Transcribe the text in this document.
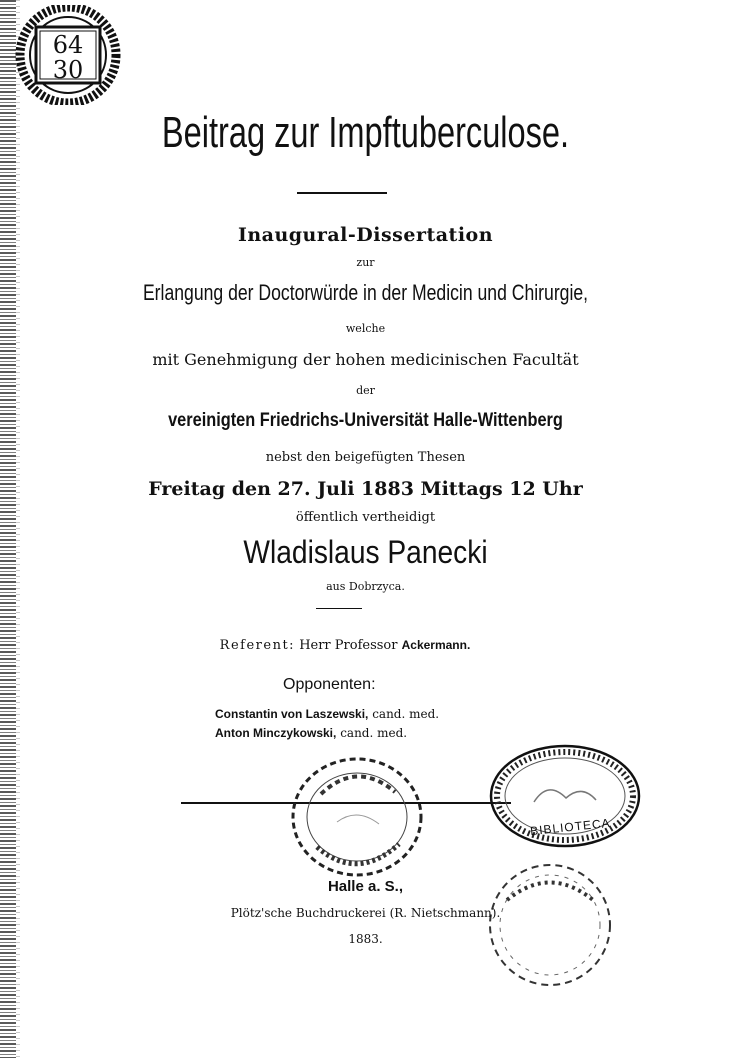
64
30
Beitrag zur Impftuberculose.
Inaugural-Dissertation
zur
Erlangung der Doctorwürde in der Medicin und Chirurgie,
welche
mit Genehmigung der hohen medicinischen Facultät
der
vereinigten Friedrichs-Universität Halle-Wittenberg
nebst den beigefügten Thesen
Freitag den 27. Juli 1883 Mittags 12 Uhr
öffentlich vertheidigt
Wladislaus Panecki
aus Dobrzyca.
Referent: Herr Professor Ackermann.
Opponenten:
Constantin von Laszewski, cand. med.
Anton Minczykowski, cand. med.
BIBLIOTECA
Halle a. S.,
Plötz'sche Buchdruckerei (R. Nietschmann).
1883.
